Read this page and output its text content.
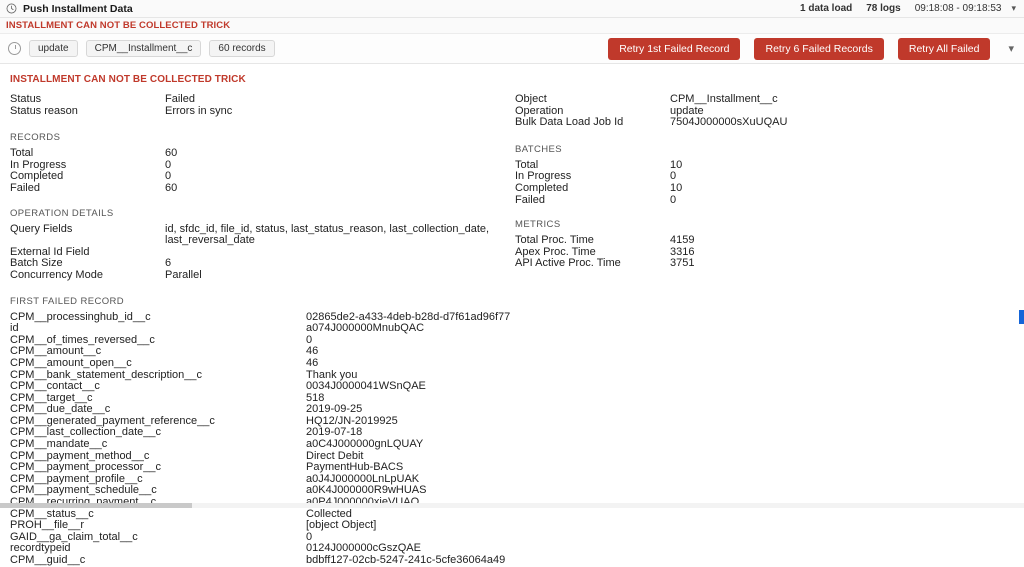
Push Installment Data	1 data load 78 logs 09:18:08 - 09:18:53 ▾
INSTALLMENT CAN NOT BE COLLECTED TRICK
update	CPM__Installment__c	60 records	Retry 1st Failed Record	Retry 6 Failed Records	Retry All Failed	▾
INSTALLMENT CAN NOT BE COLLECTED TRICK
Status	Failed
Status reason	Errors in sync
RECORDS
Total	60
In Progress	0
Completed	0
Failed	60
OPERATION DETAILS
Query Fields	id, sfdc_id, file_id, status, last_status_reason, last_collection_date, last_reversal_date
External Id Field
Batch Size	6
Concurrency Mode	Parallel
Object	CPM__Installment__c
Operation	update
Bulk Data Load Job Id	7504J000000sXuUQAU
BATCHES
Total	10
In Progress	0
Completed	10
Failed	0
METRICS
Total Proc. Time	4159
Apex Proc. Time	3316
API Active Proc. Time	3751
FIRST FAILED RECORD
CPM__processinghub_id__c	02865de2-a433-4deb-b28d-d7f61ad96f77
id	a074J000000MnubQAC
CPM__of_times_reversed__c	0
CPM__amount__c	46
CPM__amount_open__c	46
CPM__bank_statement_description__c	Thank you
CPM__contact__c	0034J0000041WSnQAE
CPM__target__c	518
CPM__due_date__c	2019-09-25
CPM__generated_payment_reference__c	HQ12/JN-2019925
CPM__last_collection_date__c	2019-07-18
CPM__mandate__c	a0C4J000000gnLQUAY
CPM__payment_method__c	Direct Debit
CPM__payment_processor__c	PaymentHub-BACS
CPM__payment_profile__c	a0J4J000000LnLpUAK
CPM__payment_schedule__c	a0K4J000000R9wHUAS
CPM__status__c	Collected
PROH__file__r	[object Object]
GAID__ga_claim_total__c	0
recordtypeid	0124J000000cGszQAE
CPM__guid__c	bdbff127-02cb-5247-241c-5cfe36064a49
